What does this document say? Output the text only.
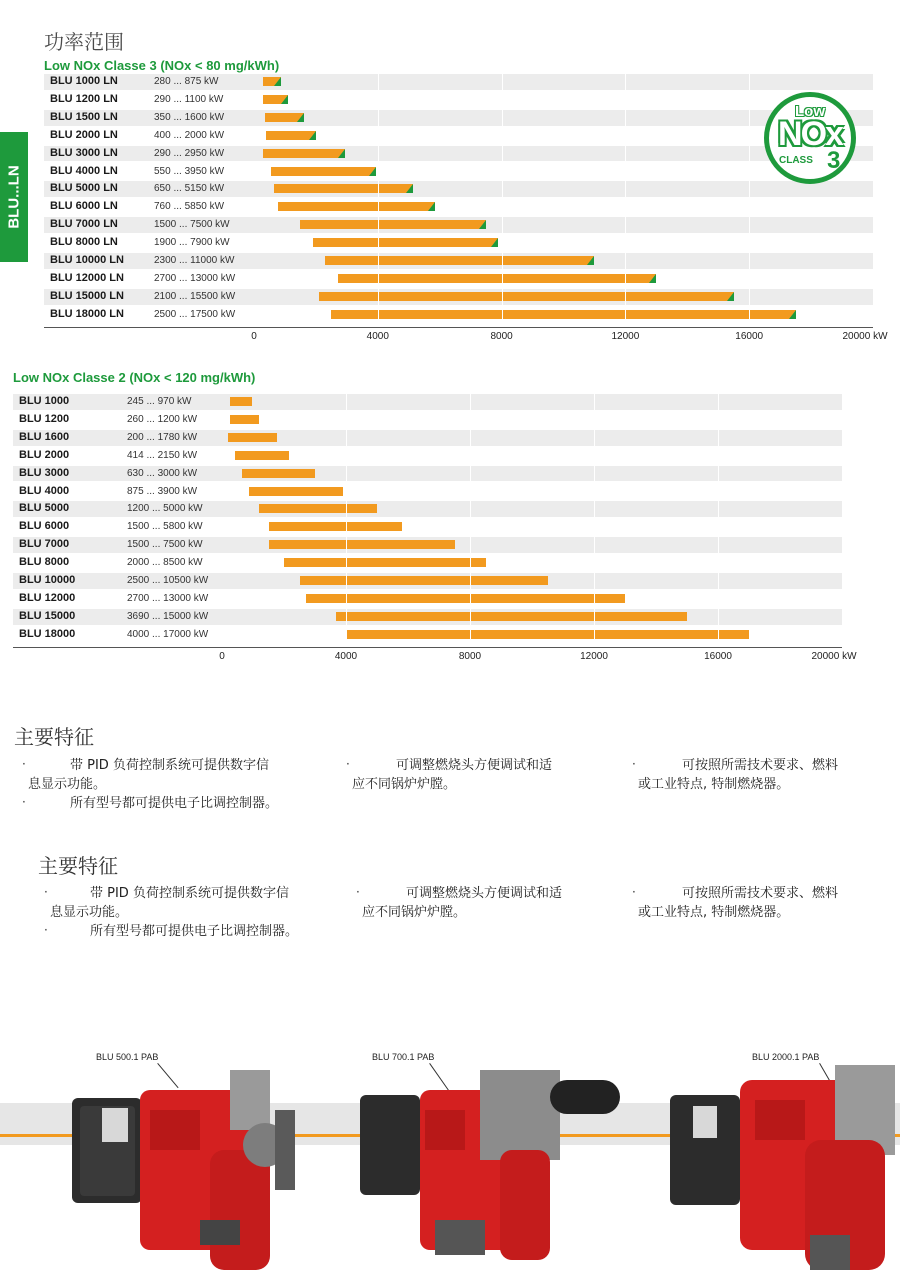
功率范围
Low NOx Classe 3 (NOx < 80 mg/kWh)
BLU...LN
BLU 1000 LN	280 ... 875 kW
BLU 1200 LN	290 ... 1100 kW
BLU 1500 LN	350 ... 1600 kW
BLU 2000 LN	400 ... 2000 kW
BLU 3000 LN	290 ... 2950 kW
BLU 4000 LN	550 ... 3950 kW
BLU 5000 LN	650 ... 5150 kW
BLU 6000 LN	760 ... 5850 kW
BLU 7000 LN	1500 ... 7500 kW
BLU 8000 LN	1900 ... 7900 kW
BLU 10000 LN	2300 ... 11000 kW
BLU 12000 LN	2700 ... 13000 kW
BLU 15000 LN	2100 ... 15500 kW
BLU 18000 LN	2500 ... 17500 kW
0	4000	8000	12000	16000	20000 kW
Low
NOx
CLASS 3
Low NOx Classe 2 (NOx < 120 mg/kWh)
BLU 1000	245 ... 970 kW
BLU 1200	260 ... 1200 kW
BLU 1600	200 ... 1780 kW
BLU 2000	414 ... 2150 kW
BLU 3000	630 ... 3000 kW
BLU 4000	875 ... 3900 kW
BLU 5000	1200 ... 5000 kW
BLU 6000	1500 ... 5800 kW
BLU 7000	1500 ... 7500 kW
BLU 8000	2000 ... 8500 kW
BLU 10000	2500 ... 10500 kW
BLU 12000	2700 ... 13000 kW
BLU 15000	3690 ... 15000 kW
BLU 18000	4000 ... 17000 kW
0	4000	8000	12000	16000	20000 kW
主要特征
·	带 PID 负荷控制系统可提供数字信
息显示功能。
·	所有型号都可提供电子比调控制器。
·	可调整燃烧头方便调试和适
应不同锅炉炉膛。
·	可按照所需技术要求、燃料
或工业特点, 特制燃烧器。
主要特征
·	带 PID 负荷控制系统可提供数字信
息显示功能。
·	所有型号都可提供电子比调控制器。
·	可调整燃烧头方便调试和适
应不同锅炉炉膛。
·	可按照所需技术要求、燃料
或工业特点, 特制燃烧器。
BLU 500.1 PAB	BLU 700.1 PAB	BLU 2000.1 PAB
